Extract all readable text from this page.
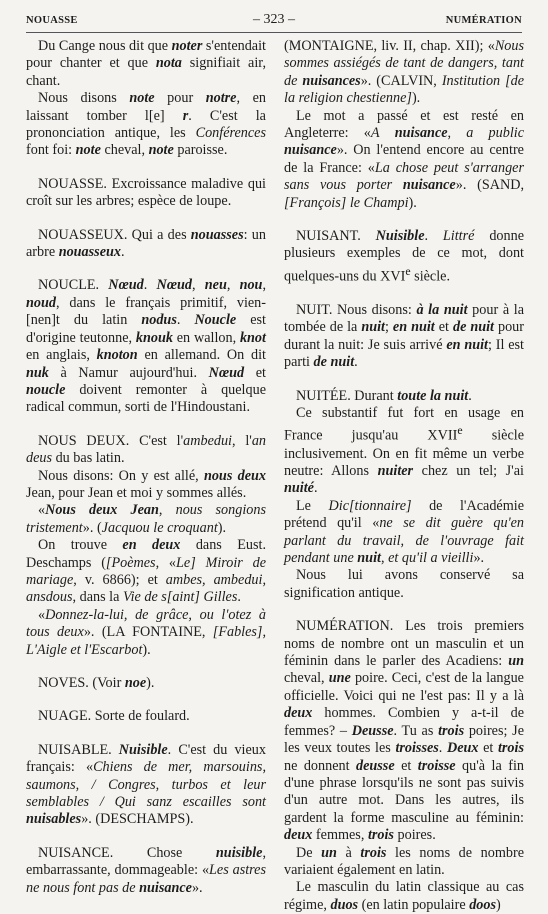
NOUASSE	– 323 –	NUMÉRATION

Du Cange nous dit que noter s'entendait pour chanter et que nota signifiait air, chant.

Nous disons note pour notre, en laissant tomber l[e] r. C'est la prononciation antique, les Conférences font foi: note cheval, note paroisse.

NOUASSE. Excroissance maladive qui croît sur les arbres; espèce de loupe.

NOUASSEUX. Qui a des nouasses: un arbre nouasseux.

NOUCLE. Nœud. Nœud, neu, nou, noud, dans le français primitif, vien-[nen]t du latin nodus. Noucle est d'origine teutonne, knouk en wallon, knot en anglais, knoton en allemand. On dit nuk à Namur aujourd'hui. Nœud et noucle doivent remonter à quelque radical commun, sorti de l'Hindoustani.

NOUS DEUX. C'est l'ambedui, l'an deus du bas latin.

Nous disons: On y est allé, nous deux Jean, pour Jean et moi y sommes allés.

«Nous deux Jean, nous songions tristement». (Jacquou le croquant).

On trouve en deux dans Eust. Deschamps ([Poèmes, «Le] Miroir de mariage, v. 6866); et ambes, ambedui, ansdous, dans la Vie de s[aint] Gilles.

«Donnez-la-lui, de grâce, ou l'otez à tous deux». (LA FONTAINE, [Fables], L'Aigle et l'Escarbot).

NOVES. (Voir noe).

NUAGE. Sorte de foulard.

NUISABLE. Nuisible. C'est du vieux français: «Chiens de mer, marsouins, saumons, / Congres, turbos et leur semblables / Qui sanz escailles sont nuisables». (DESCHAMPS).

NUISANCE. Chose nuisible, embarrassante, dommageable: «Les astres ne nous font pas de nuisance».

(MONTAIGNE, liv. II, chap. XII); «Nous sommes assiégés de tant de dangers, tant de nuisances». (CALVIN, Institution [de la religion chestienne]).

Le mot a passé et est resté en Angleterre: «A nuisance, a public nuisance». On l'entend encore au centre de la France: «La chose peut s'arranger sans vous porter nuisance». (SAND, [François] le Champi).

NUISANT. Nuisible. Littré donne plusieurs exemples de ce mot, dont quelques-uns du XVIe siècle.

NUIT. Nous disons: à la nuit pour à la tombée de la nuit; en nuit et de nuit pour durant la nuit: Je suis arrivé en nuit; Il est parti de nuit.

NUITÉE. Durant toute la nuit.

Ce substantif fut fort en usage en France jusqu'au XVIIe siècle inclusivement. On en fit même un verbe neutre: Allons nuiter chez un tel; J'ai nuité.

Le Dic[tionnaire] de l'Académie prétend qu'il «ne se dit guère qu'en parlant du travail, de l'ouvrage fait pendant une nuit, et qu'il a vieilli».

Nous lui avons conservé sa signification antique.

NUMÉRATION. Les trois premiers noms de nombre ont un masculin et un féminin dans le parler des Acadiens: un cheval, une poire. Ceci, c'est de la langue officielle. Voici qui ne l'est pas: Il y a là deux hommes. Combien y a-t-il de femmes? – Deusse. Tu as trois poires; Je les veux toutes les troisses. Deux et trois ne donnent deusse et troisse qu'à la fin d'une phrase lorsqu'ils ne sont pas suivis d'un autre mot. Dans les autres, ils gardent la forme masculine au féminin: deux femmes, trois poires.

De un à trois les noms de nombre variaient également en latin.

Le masculin du latin classique au cas régime, duos (en latin populaire doos)
